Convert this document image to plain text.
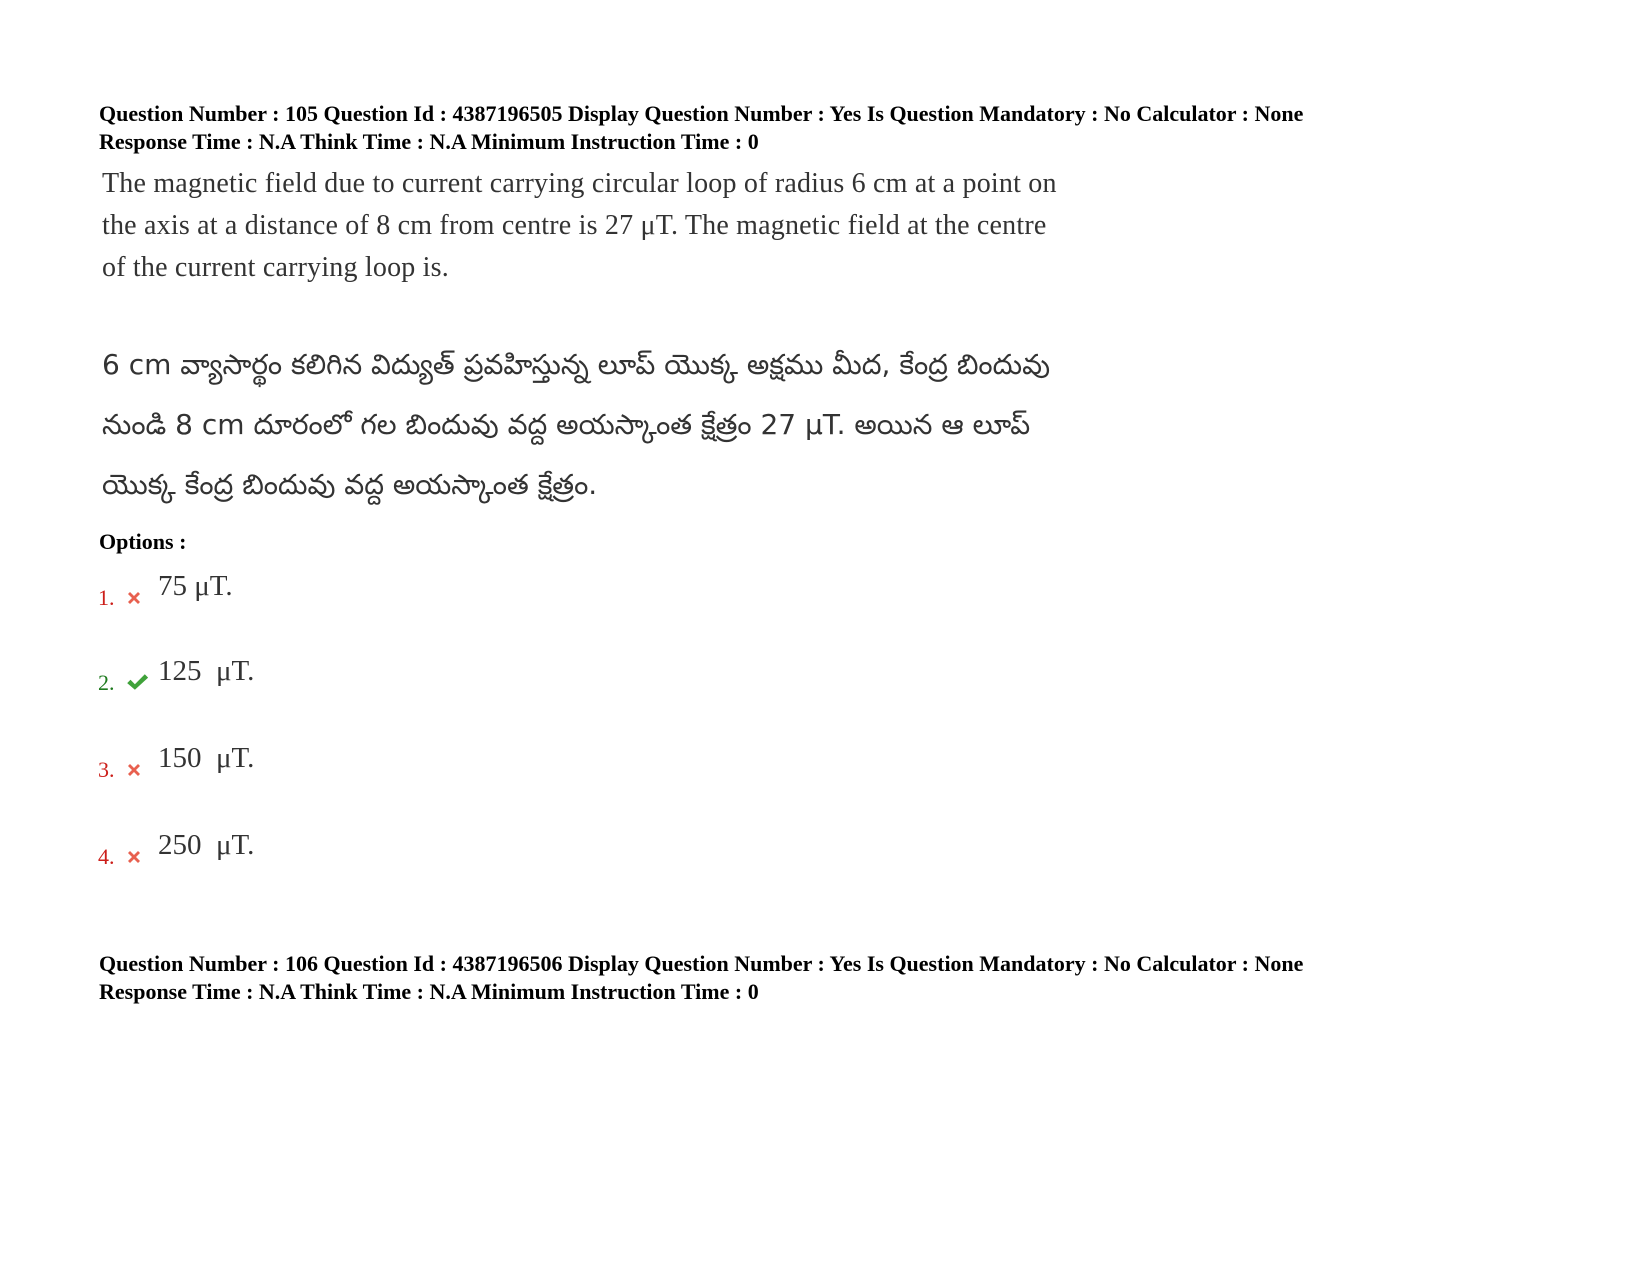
Question Number : 105 Question Id : 4387196505 Display Question Number : Yes Is Question Mandatory : No Calculator : None
Response Time : N.A Think Time : N.A Minimum Instruction Time : 0
The magnetic field due to current carrying circular loop of radius 6 cm at a point on
the axis at a distance of 8 cm from centre is 27 μT. The magnetic field at the centre
of the current carrying loop is.
6 cm వ్యాసార్థం కలిగిన విద్యుత్ ప్రవహిస్తున్న లూప్ యొక్క అక్షము మీద, కేంద్ర బిందువు
నుండి 8 cm దూరంలో గల బిందువు వద్ద అయస్కాంత క్షేత్రం 27 μT. అయిన ఆ లూప్
యొక్క కేంద్ర బిందువు వద్ద అయస్కాంత క్షేత్రం.
Options :
1. 75 μT.
2. 125  μT.
3. 150  μT.
4. 250  μT.
Question Number : 106 Question Id : 4387196506 Display Question Number : Yes Is Question Mandatory : No Calculator : None
Response Time : N.A Think Time : N.A Minimum Instruction Time : 0
